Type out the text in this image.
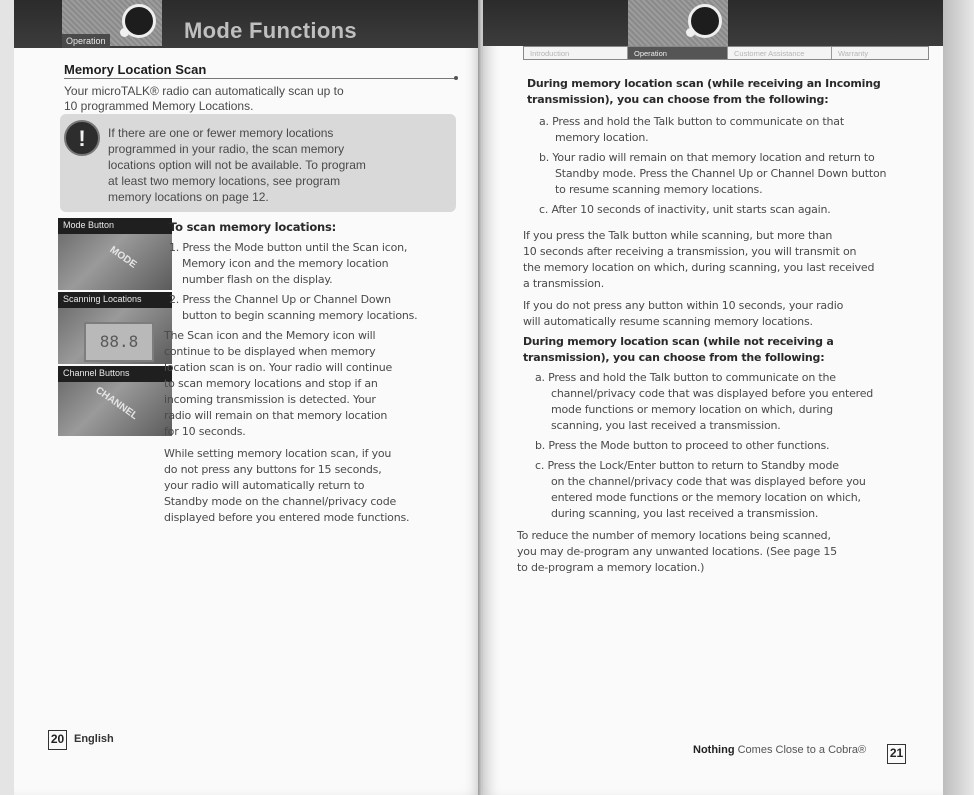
Operation	Mode Functions
Memory Location Scan
Your microTALK® radio can automatically scan up to
10 programmed Memory Locations.
!	If there are one or fewer memory locations
programmed in your radio, the scan memory
locations option will not be available. To program
at least two memory locations, see program
memory locations on page 12.
Mode Button
MODE
Scanning Locations
88.8
Channel Buttons
CHANNEL
To scan memory locations:
1. Press the Mode button until the Scan icon,
Memory icon and the memory location
number flash on the display.
2. Press the Channel Up or Channel Down
button to begin scanning memory locations.
The Scan icon and the Memory icon will
continue to be displayed when memory
location scan is on. Your radio will continue
to scan memory locations and stop if an
incoming transmission is detected. Your
radio will remain on that memory location
for 10 seconds.
While setting memory location scan, if you
do not press any buttons for 15 seconds,
your radio will automatically return to
Standby mode on the channel/privacy code
displayed before you entered mode functions.
20 English
Introduction	Operation	Customer Assistance	Warranty
During memory location scan (while receiving an Incoming
transmission), you can choose from the following:
a. Press and hold the Talk button to communicate on that
memory location.
b. Your radio will remain on that memory location and return to
Standby mode. Press the Channel Up or Channel Down button
to resume scanning memory locations.
c. After 10 seconds of inactivity, unit starts scan again.
If you press the Talk button while scanning, but more than
10 seconds after receiving a transmission, you will transmit on
the memory location on which, during scanning, you last received
a transmission.
If you do not press any button within 10 seconds, your radio
will automatically resume scanning memory locations.
During memory location scan (while not receiving a
transmission), you can choose from the following:
a. Press and hold the Talk button to communicate on the
channel/privacy code that was displayed before you entered
mode functions or memory location on which, during
scanning, you last received a transmission.
b. Press the Mode button to proceed to other functions.
c. Press the Lock/Enter button to return to Standby mode
on the channel/privacy code that was displayed before you
entered mode functions or the memory location on which,
during scanning, you last received a transmission.
To reduce the number of memory locations being scanned,
you may de-program any unwanted locations. (See page 15
to de-program a memory location.)
Nothing Comes Close to a Cobra® 21
